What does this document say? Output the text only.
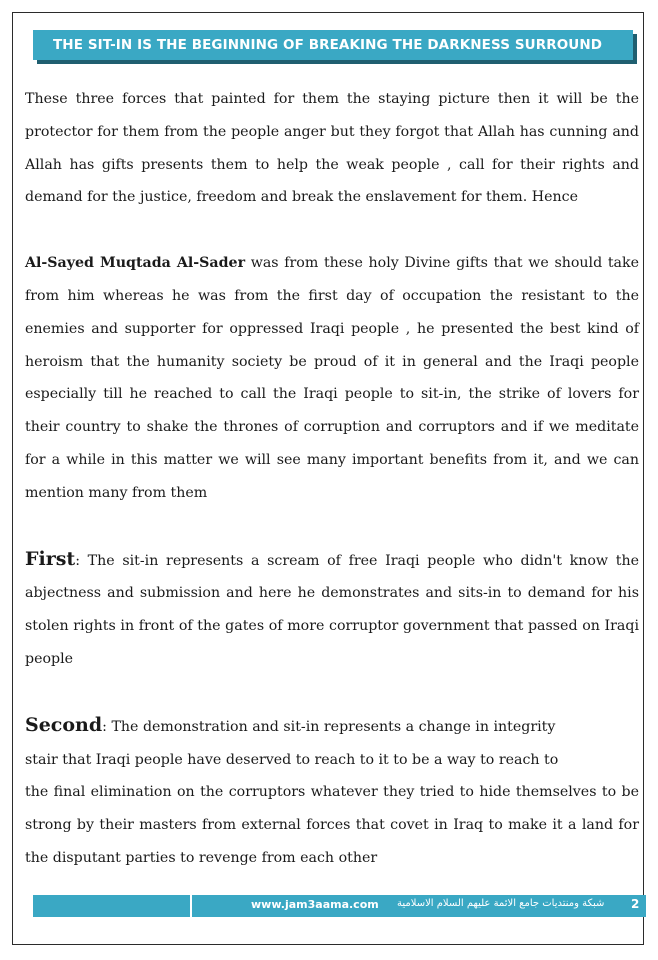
THE SIT-IN IS THE BEGINNING OF BREAKING THE DARKNESS SURROUND

These three forces that painted for them the staying picture then it will be the protector for them from the people anger but they forgot that Allah has cunning and Allah has gifts presents them to help the weak people , call for their rights and demand for the justice, freedom and break the enslavement for them. Hence

Al-Sayed Muqtada Al-Sader was from these holy Divine gifts that we should take from him whereas he was from the first day of occupation the resistant to the enemies and supporter for oppressed Iraqi people , he presented the best kind of heroism that the humanity society be proud of it in general and the Iraqi people especially till he reached to call the Iraqi people to sit-in, the strike of lovers for their country to shake the thrones of corruption and corruptors and if we meditate for a while in this matter we will see many important benefits from it, and we can mention many from them

First: The sit-in represents a scream of free Iraqi people who didn't know the abjectness and submission and here he demonstrates and sits-in to demand for his stolen rights in front of the gates of more corruptor government that passed on Iraqi people

Second: The demonstration and sit-in represents a change in integrity

stair that Iraqi people have deserved to reach to it to be a way to reach to

the final elimination on the corruptors whatever they tried to hide themselves to be strong by their masters from external forces that covet in Iraq to make it a land for the disputant parties to revenge from each other

www.jam3aama.com شبكة ومنتديات جامع الائمة عليهم السلام الاسلامية 2
